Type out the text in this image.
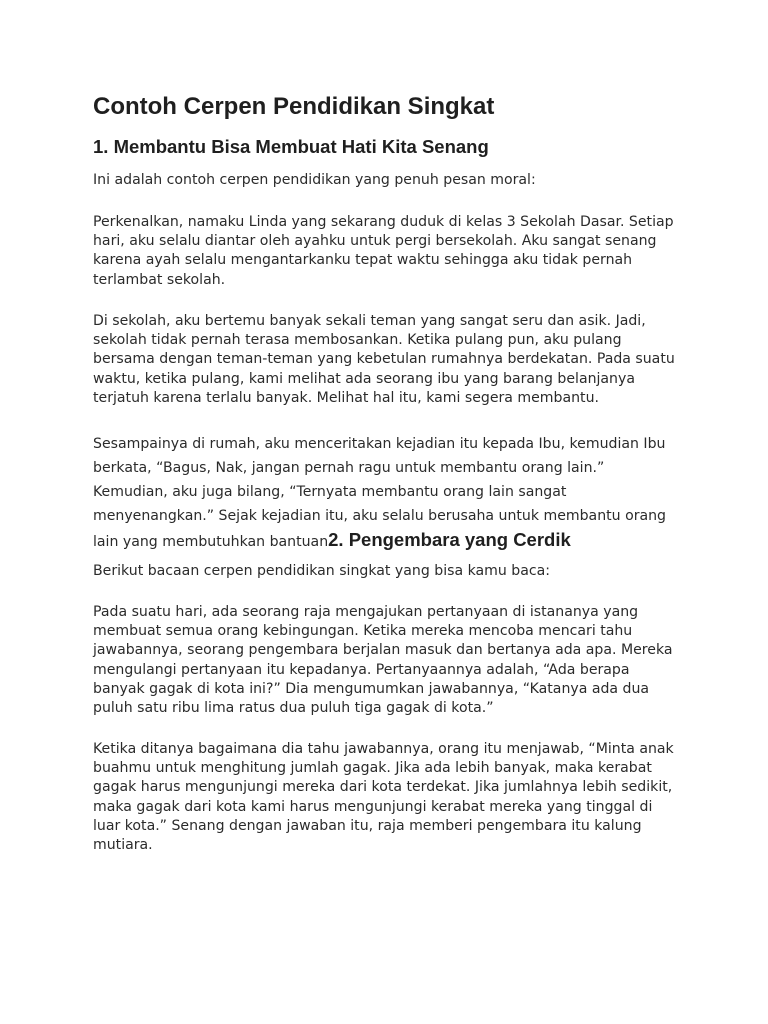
Contoh Cerpen Pendidikan Singkat
1. Membantu Bisa Membuat Hati Kita Senang

Ini adalah contoh cerpen pendidikan yang penuh pesan moral:

Perkenalkan, namaku Linda yang sekarang duduk di kelas 3 Sekolah Dasar. Setiap hari, aku selalu diantar oleh ayahku untuk pergi bersekolah. Aku sangat senang karena ayah selalu mengantarkanku tepat waktu sehingga aku tidak pernah terlambat sekolah.

Di sekolah, aku bertemu banyak sekali teman yang sangat seru dan asik. Jadi, sekolah tidak pernah terasa membosankan. Ketika pulang pun, aku pulang bersama dengan teman-teman yang kebetulan rumahnya berdekatan. Pada suatu waktu, ketika pulang, kami melihat ada seorang ibu yang barang belanjanya terjatuh karena terlalu banyak. Melihat hal itu, kami segera membantu.

Sesampainya di rumah, aku menceritakan kejadian itu kepada Ibu, kemudian Ibu berkata, “Bagus, Nak, jangan pernah ragu untuk membantu orang lain.” Kemudian, aku juga bilang, “Ternyata membantu orang lain sangat menyenangkan.” Sejak kejadian itu, aku selalu berusaha untuk membantu orang lain yang membutuhkan bantuan2. Pengembara yang Cerdik

Berikut bacaan cerpen pendidikan singkat yang bisa kamu baca:

Pada suatu hari, ada seorang raja mengajukan pertanyaan di istananya yang membuat semua orang kebingungan. Ketika mereka mencoba mencari tahu jawabannya, seorang pengembara berjalan masuk dan bertanya ada apa. Mereka mengulangi pertanyaan itu kepadanya. Pertanyaannya adalah, “Ada berapa banyak gagak di kota ini?” Dia mengumumkan jawabannya, “Katanya ada dua puluh satu ribu lima ratus dua puluh tiga gagak di kota.”

Ketika ditanya bagaimana dia tahu jawabannya, orang itu menjawab, “Minta anak buahmu untuk menghitung jumlah gagak. Jika ada lebih banyak, maka kerabat gagak harus mengunjungi mereka dari kota terdekat. Jika jumlahnya lebih sedikit, maka gagak dari kota kami harus mengunjungi kerabat mereka yang tinggal di luar kota.” Senang dengan jawaban itu, raja memberi pengembara itu kalung mutiara.
